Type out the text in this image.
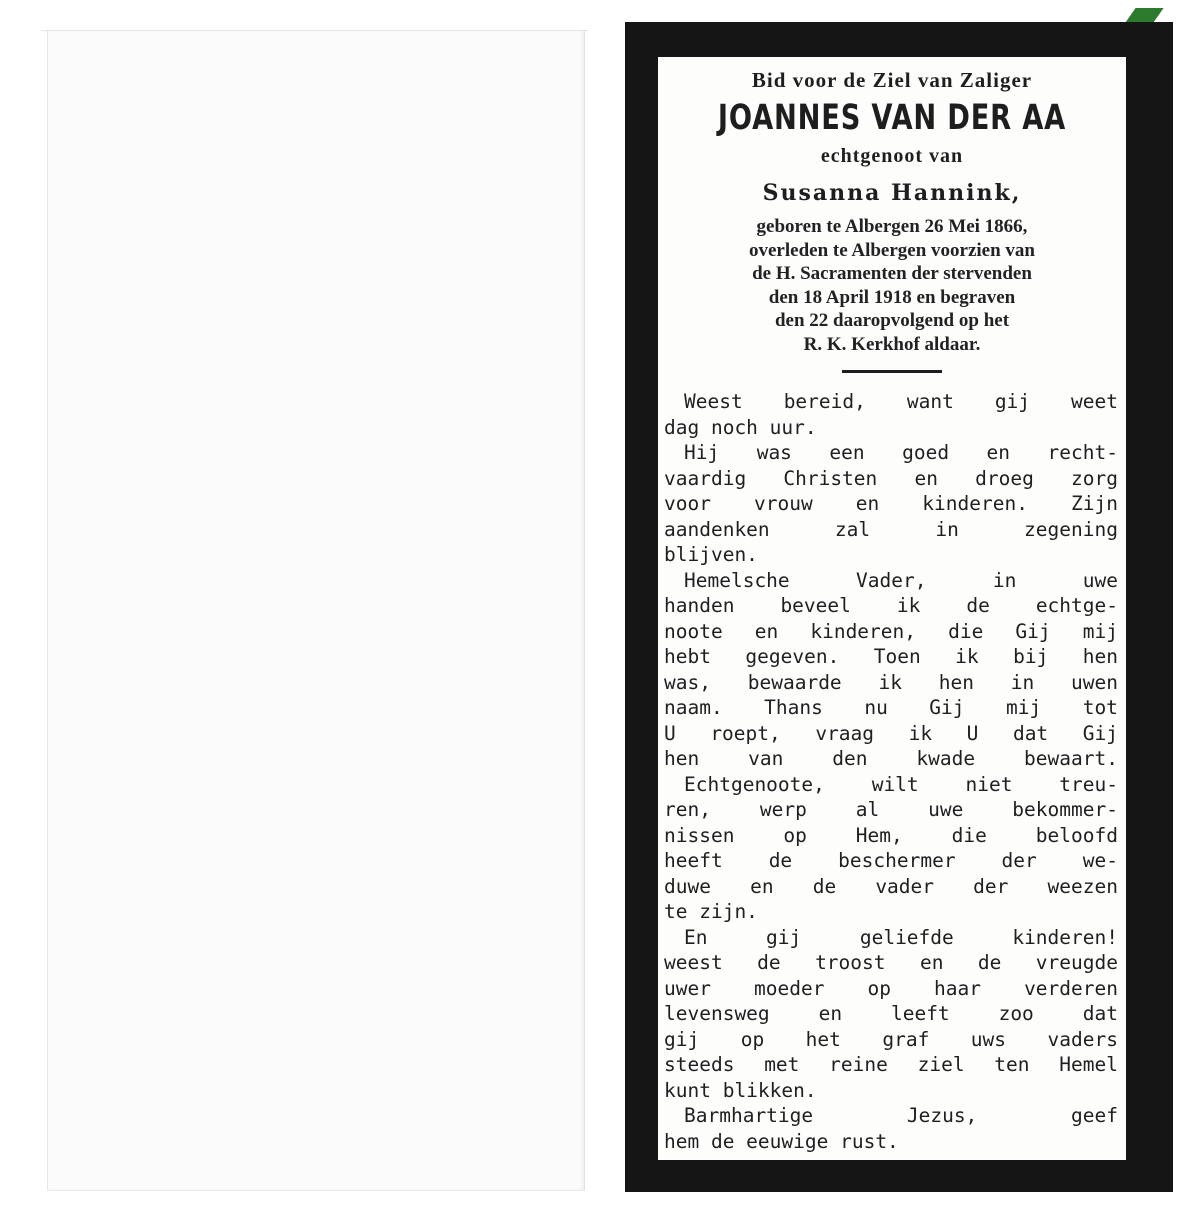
Bid voor de Ziel van Zaliger
JOANNES VAN DER AA
echtgenoot van
Susanna Hannink,
geboren te Albergen 26 Mei 1866,
overleden te Albergen voorzien van
de H. Sacramenten der stervenden
den 18 April 1918 en begraven
den 22 daaropvolgend op het
R. K. Kerkhof aldaar.
Weest bereid, want gij weet
dag noch uur.
Hij was een goed en recht-
vaardig Christen en droeg zorg
voor vrouw en kinderen. Zijn
aandenken	zal	in	zegening
blijven.
Hemelsche	Vader,	in	uwe
handen beveel ik de echtge-
noote en kinderen, die Gij mij
hebt gegeven. Toen ik bij hen
was, bewaarde ik hen in uwen
naam. Thans nu Gij mij tot
U roept, vraag ik U dat Gij
hen	van	den	kwade	bewaart.
Echtgenoote, wilt niet treu-
ren,	werp	al	uwe	bekommer-
nissen	op	Hem,	die	beloofd
heeft de beschermer der we-
duwe en de vader der weezen
te zijn.
En	gij	geliefde	kinderen!
weest de troost en de vreugde
uwer moeder op haar verderen
levensweg	en	leeft	zoo	dat
gij op het graf uws vaders
steeds met reine ziel ten Hemel
kunt blikken.
Barmhartige	Jezus,	geef
hem de eeuwige rust.
